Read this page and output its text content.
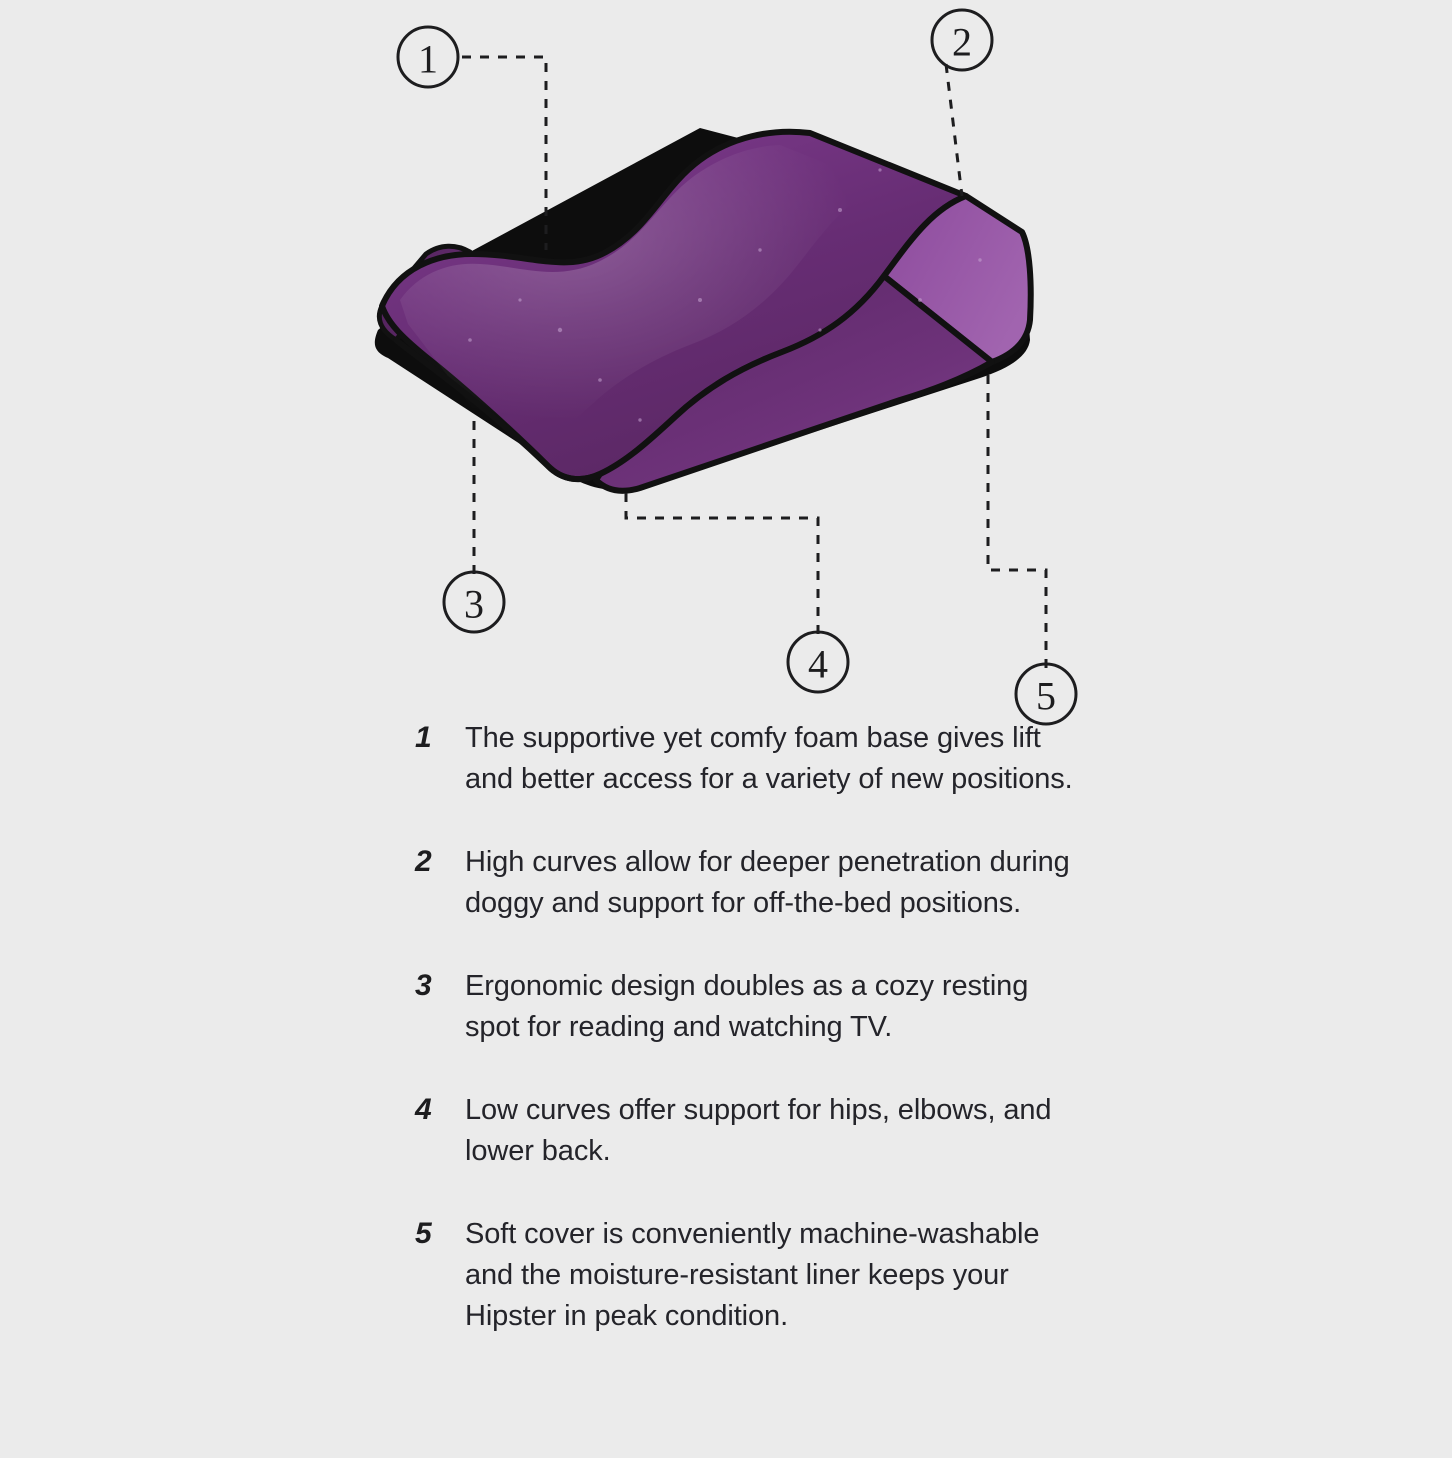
1	2
3
4
5
1	The supportive yet comfy foam base gives lift and better access for a variety of new positions.
2	High curves allow for deeper penetration during doggy and support for off-the-bed positions.
3	Ergonomic design doubles as a cozy resting spot for reading and watching TV.
4	Low curves offer support for hips, elbows, and lower back.
5	Soft cover is conveniently machine-washable and the moisture-resistant liner keeps your Hipster in peak condition.
